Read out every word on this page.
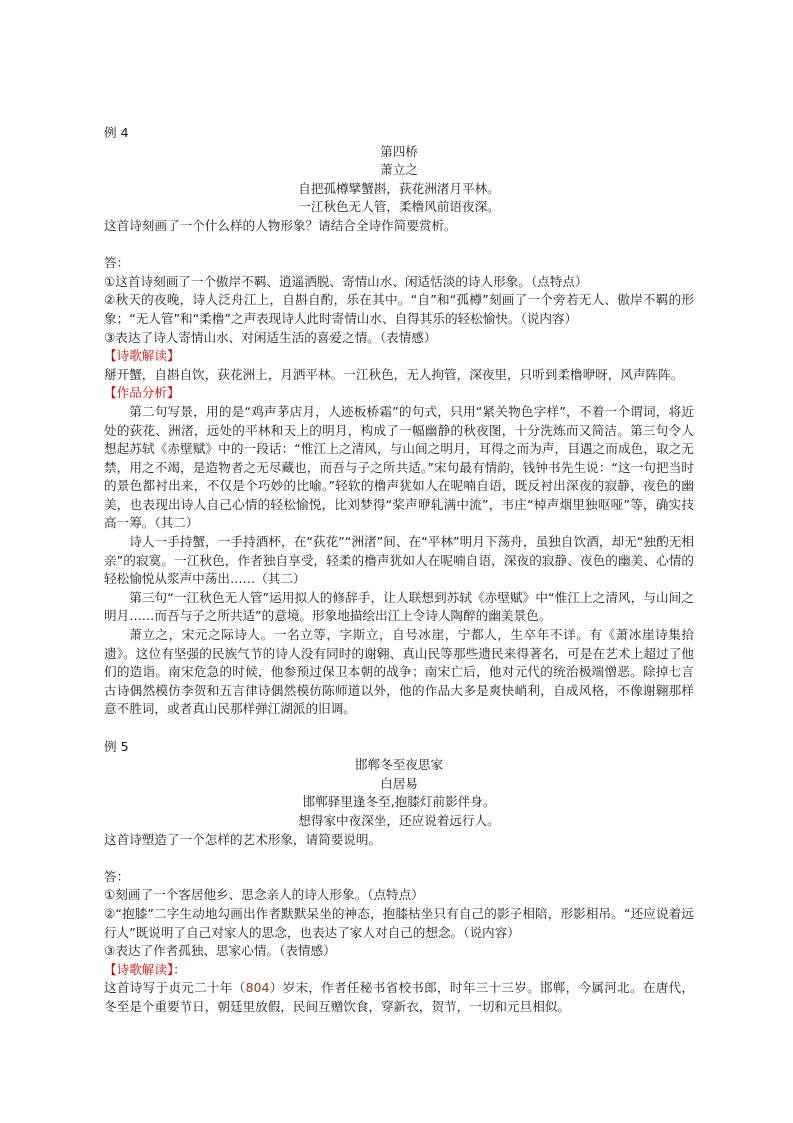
例 4
第四桥
萧立之
自把孤樽擘蟹斟，荻花洲渚月平林。
一江秋色无人管，柔橹风前语夜深。
这首诗刻画了一个什么样的人物形象？请结合全诗作简要赏析。
答：
①这首诗刻画了一个傲岸不羁、逍遥洒脱、寄情山水、闲适恬淡的诗人形象。（点特点）
②秋天的夜晚，诗人泛舟江上，自斟自酌，乐在其中。“自”和“孤樽”刻画了一个旁若无人、傲岸不羁的形象；“无人管”和“柔橹”之声表现诗人此时寄情山水、自得其乐的轻松愉快。（说内容）
③表达了诗人寄情山水、对闲适生活的喜爱之情。（表情感）
【诗歌解读】
掰开蟹，自斟自饮，荻花洲上，月洒平林。一江秋色，无人拘管，深夜里，只听到柔橹咿呀，风声阵阵。
【作品分析】
第二句写景，用的是“鸡声茅店月，人迹板桥霜”的句式，只用“紧关物色字样”，不着一个谓词，将近处的荻花、洲渚，远处的平林和天上的明月，构成了一幅幽静的秋夜图，十分洗炼而又简洁。第三句令人想起苏轼《赤壁赋》中的一段话：“惟江上之清风，与山间之明月，耳得之而为声，目遇之而成色，取之无禁，用之不竭，是造物者之无尽藏也，而吾与子之所共适。”宋句最有情韵，钱钟书先生说：“这一句把当时的景色都衬出来，不仅是个巧妙的比喻。”轻软的橹声犹如人在呢喃自语，既反衬出深夜的寂静，夜色的幽美，也表现出诗人自己心情的轻松愉悦，比刘梦得“桨声咿轧满中流”，韦庄“棹声烟里独呕哑”等，确实技高一筹。（其二）
诗人一手持蟹，一手持酒杯，在“荻花”“洲渚”间、在“平林”明月下荡舟，虽独自饮酒，却无“独酌无相亲”的寂寞。一江秋色，作者独自享受，轻柔的橹声犹如人在呢喃自语，深夜的寂静、夜色的幽美、心情的轻松愉悦从浆声中荡出……（其二）
第三句“一江秋色无人管”运用拟人的修辞手，让人联想到苏轼《赤壁赋》中“惟江上之清风，与山间之明月……而吾与子之所共适”的意境。形象地描绘出江上令诗人陶醉的幽美景色。
萧立之，宋元之际诗人。一名立等，字斯立，自号冰崖，宁都人，生卒年不详。有《萧冰崖诗集拾遗》。这位有坚强的民族气节的诗人没有同时的谢翱、真山民等那些遗民来得著名，可是在艺术上超过了他们的造诣。南宋危急的时候，他参预过保卫本朝的战争；南宋亡后，他对元代的统治极端憎恶。除掉七言古诗偶然模仿李贺和五言律诗偶然模仿陈师道以外，他的作品大多是爽快峭利，自成风格，不像谢翱那样意不胜词，或者真山民那样弹江湖派的旧调。
例 5
邯郸冬至夜思家
白居易
邯郸驿里逢冬至,抱膝灯前影伴身。
想得家中夜深坐，还应说着远行人。
这首诗塑造了一个怎样的艺术形象，请简要说明。
答：
①刻画了一个客居他乡、思念亲人的诗人形象。（点特点）
②“抱膝”二字生动地勾画出作者默默呆坐的神态，抱膝枯坐只有自己的影子相陪，形影相吊。“还应说着远行人”既说明了自己对家人的思念，也表达了家人对自己的想念。（说内容）
③表达了作者孤独、思家心情。（表情感）
【诗歌解读】：
这首诗写于贞元二十年（804）岁末，作者任秘书省校书郎，时年三十三岁。邯郸，今属河北。在唐代，冬至是个重要节日，朝廷里放假，民间互赠饮食，穿新衣，贺节，一切和元旦相似。
